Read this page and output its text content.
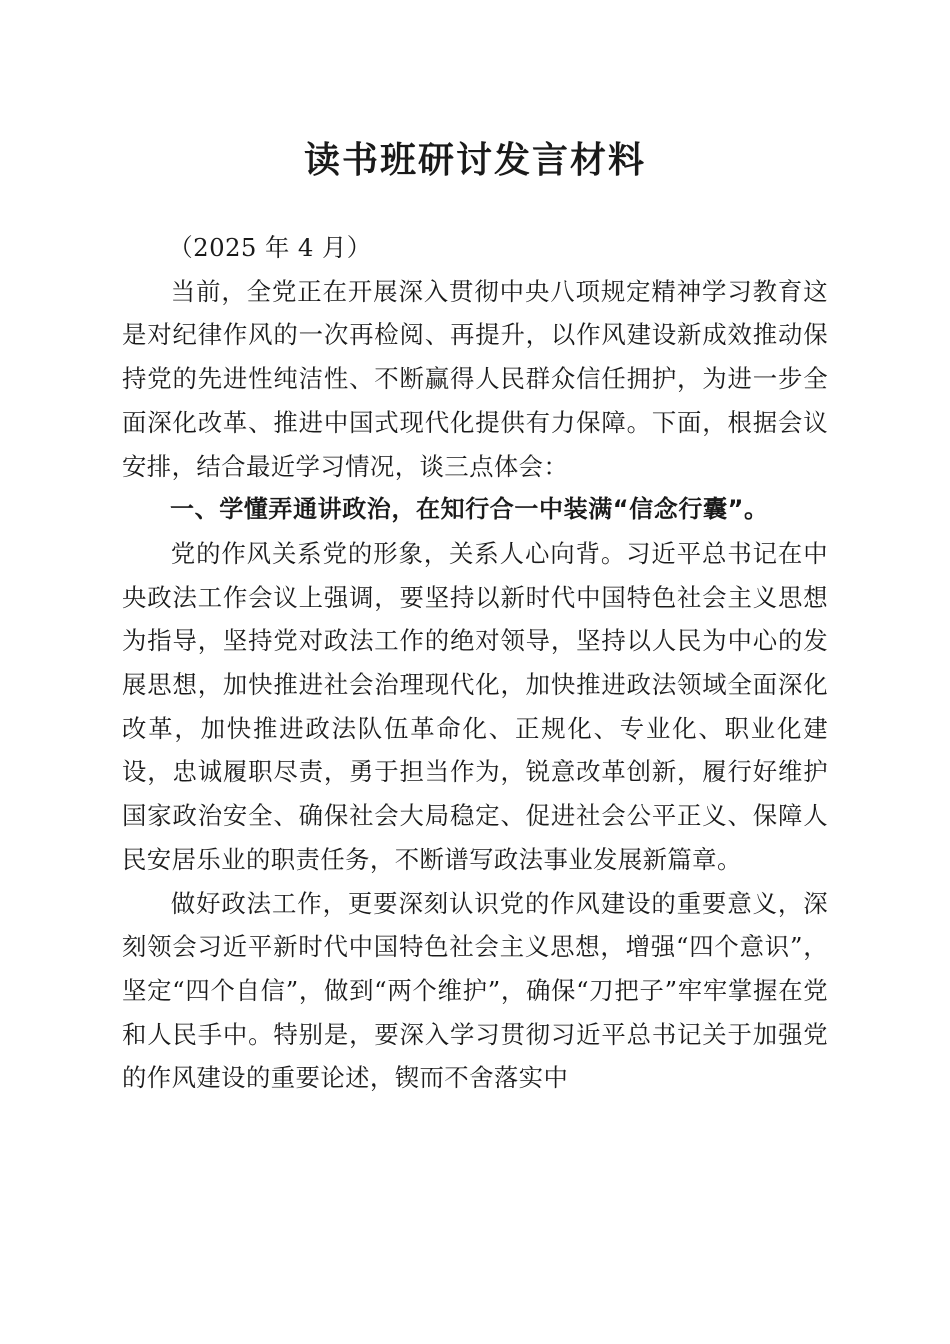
读书班研讨发言材料

（2025 年 4 月）

当前，全党正在开展深入贯彻中央八项规定精神学习教育这是对纪律作风的一次再检阅、再提升，以作风建设新成效推动保持党的先进性纯洁性、不断赢得人民群众信任拥护，为进一步全面深化改革、推进中国式现代化提供有力保障。下面，根据会议安排，结合最近学习情况，谈三点体会：

一、学懂弄通讲政治，在知行合一中装满“信念行囊”。

党的作风关系党的形象，关系人心向背。习近平总书记在中央政法工作会议上强调，要坚持以新时代中国特色社会主义思想为指导，坚持党对政法工作的绝对领导，坚持以人民为中心的发展思想，加快推进社会治理现代化，加快推进政法领域全面深化改革，加快推进政法队伍革命化、正规化、专业化、职业化建设，忠诚履职尽责，勇于担当作为，锐意改革创新，履行好维护国家政治安全、确保社会大局稳定、促进社会公平正义、保障人民安居乐业的职责任务，不断谱写政法事业发展新篇章。

做好政法工作，更要深刻认识党的作风建设的重要意义，深刻领会习近平新时代中国特色社会主义思想，增强“四个意识”，坚定“四个自信”，做到“两个维护”，确保“刀把子”牢牢掌握在党和人民手中。特别是，要深入学习贯彻习近平总书记关于加强党的作风建设的重要论述，锲而不舍落实中
